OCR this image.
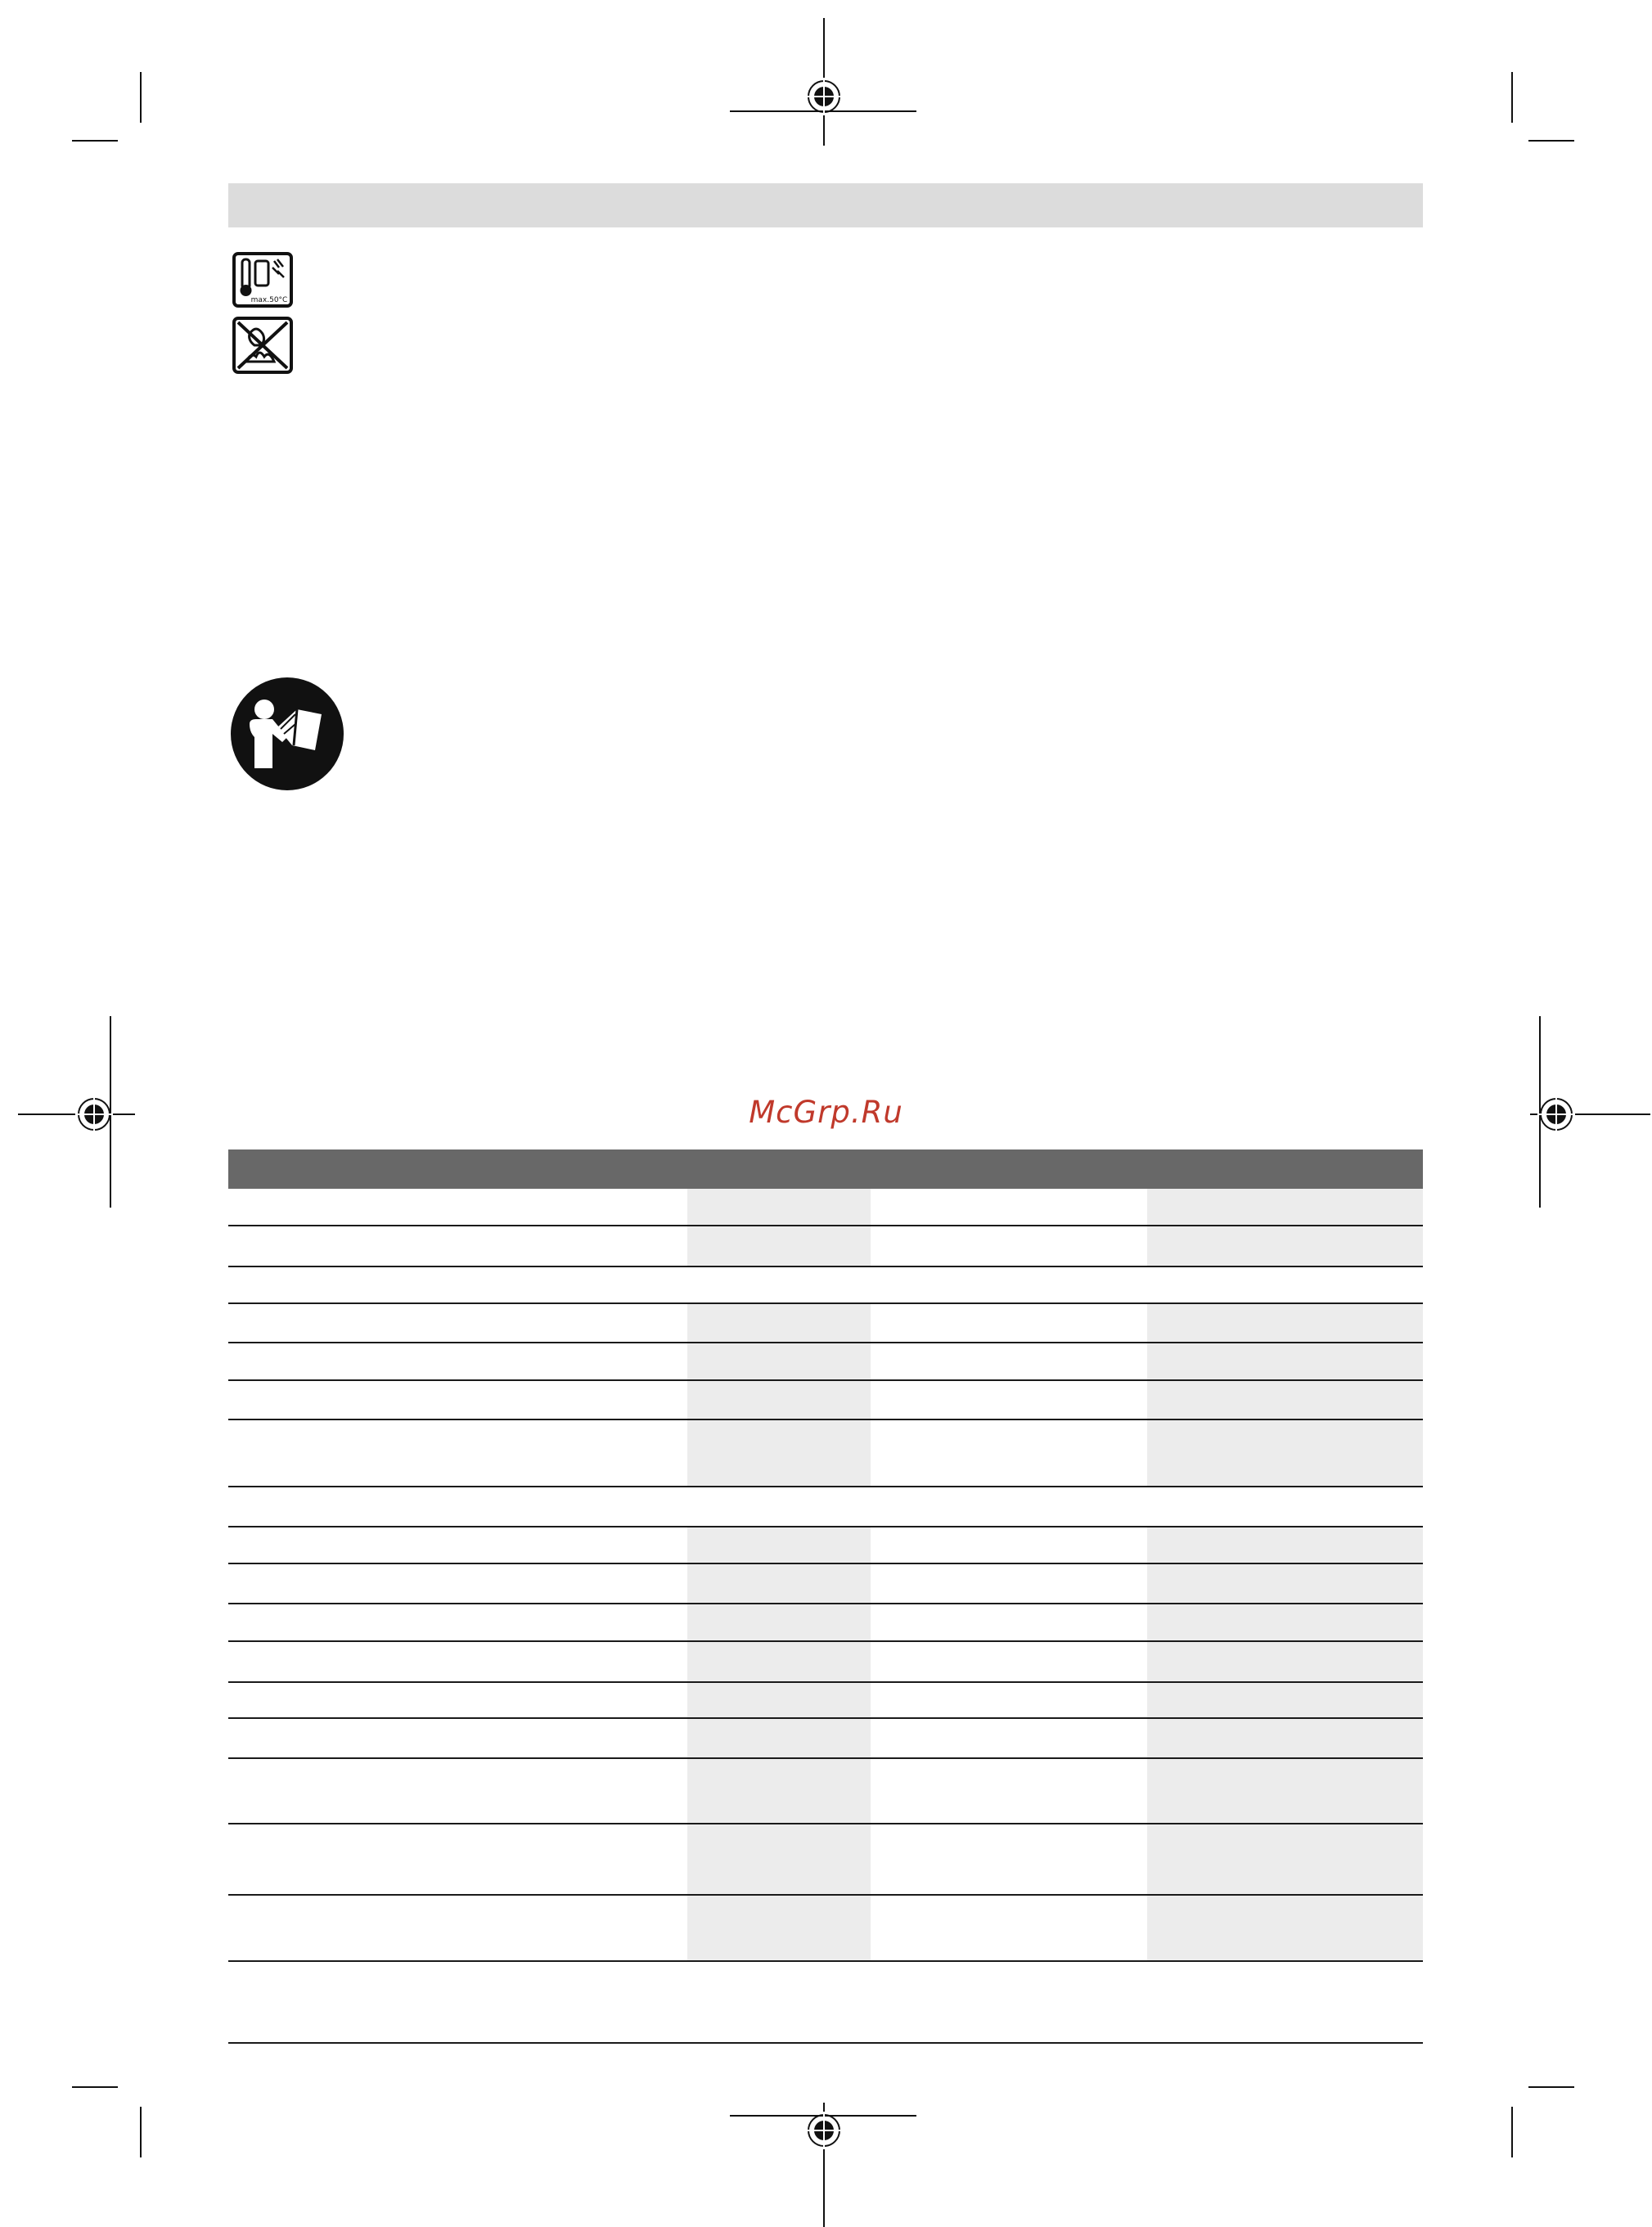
max.50°C
McGrp.Ru
